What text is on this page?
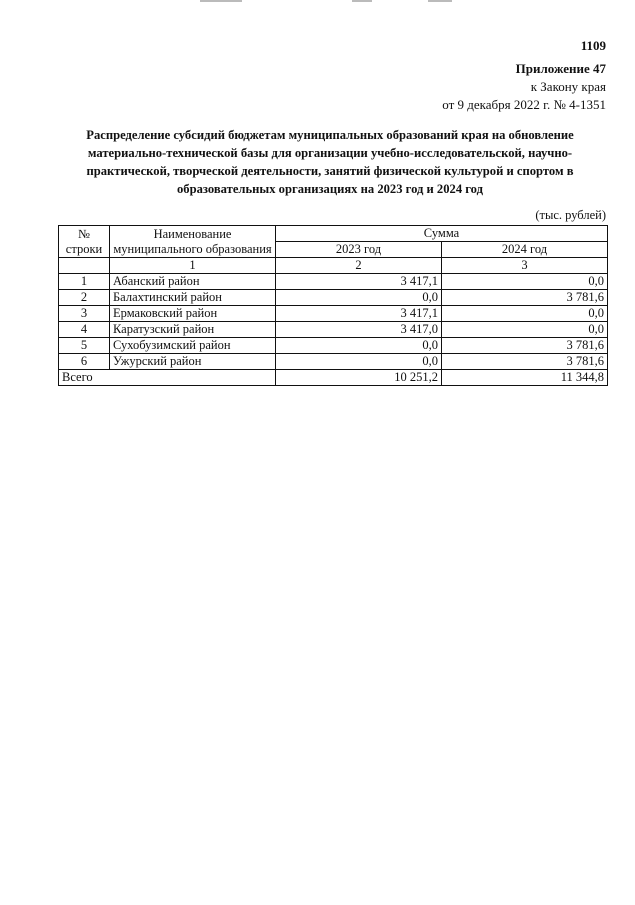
1109
Приложение 47
к Закону края
от 9 декабря 2022 г. № 4-1351
Распределение субсидий бюджетам муниципальных образований края на обновление материально-технической базы для организации учебно-исследовательской, научно-практической, творческой деятельности, занятий физической культурой и спортом в образовательных организациях на 2023 год и 2024 год
(тыс. рублей)
№
строки	Наименование муниципального образования	Сумма	
		2023 год	2024 год
	1	2	3
1	Абанский район	3 417,1	0,0
2	Балахтинский район	0,0	3 781,6
3	Ермаковский район	3 417,1	0,0
4	Каратузский район	3 417,0	0,0
5	Сухобузимский район	0,0	3 781,6
6	Ужурский район	0,0	3 781,6
Всего		10 251,2	11 344,8
